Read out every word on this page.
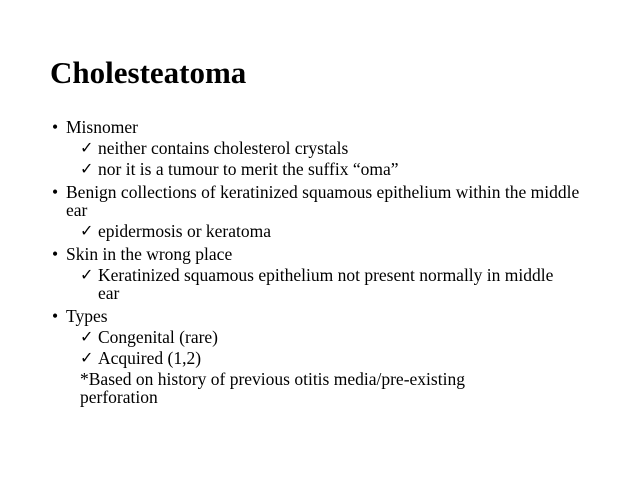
Cholesteatoma
• Misnomer
✓ neither contains cholesterol crystals
✓ nor it is a tumour to merit the suffix “oma”
• Benign collections of keratinized squamous epithelium within the middle ear
✓ epidermosis or keratoma
• Skin in the wrong place
✓ Keratinized squamous epithelium not present normally in middle ear
• Types
✓ Congenital (rare)
✓ Acquired (1,2)
*Based on history of previous otitis media/pre-existing perforation
